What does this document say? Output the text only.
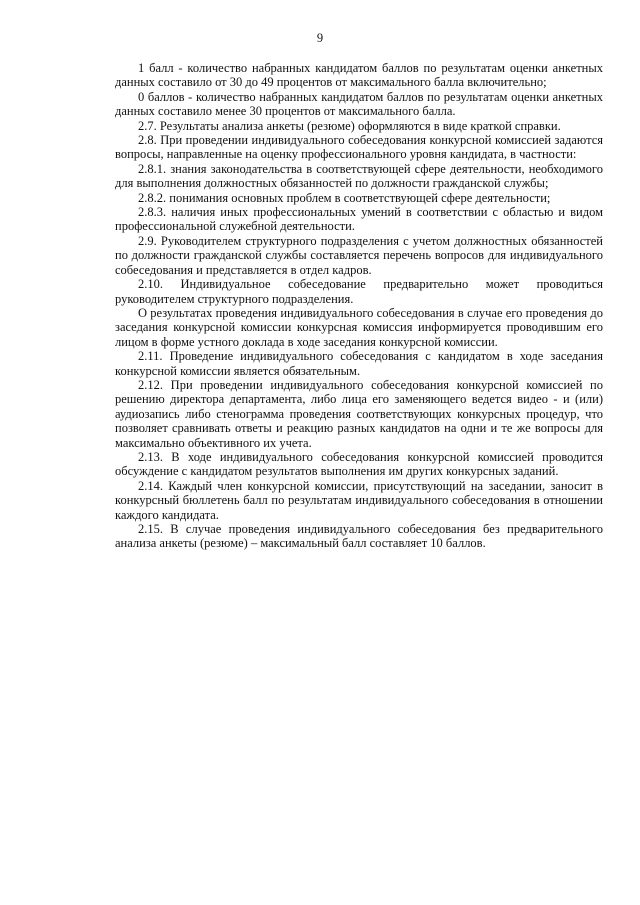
9

1 балл - количество набранных кандидатом баллов по результатам оценки анкетных данных составило от 30 до 49 процентов от максимального балла включительно;

0 баллов - количество набранных кандидатом баллов по результатам оценки анкетных данных составило менее 30 процентов от максимального балла.

2.7. Результаты анализа анкеты (резюме) оформляются в виде краткой справки.

2.8. При проведении индивидуального собеседования конкурсной комиссией задаются вопросы, направленные на оценку профессионального уровня кандидата, в частности:

2.8.1. знания законодательства в соответствующей сфере деятельности, необходимого для выполнения должностных обязанностей по должности гражданской службы;

2.8.2. понимания основных проблем в соответствующей сфере деятельности;

2.8.3. наличия иных профессиональных умений в соответствии с областью и видом профессиональной служебной деятельности.

2.9. Руководителем структурного подразделения с учетом должностных обязанностей по должности гражданской службы составляется перечень вопросов для индивидуального собеседования и представляется в отдел кадров.

2.10. Индивидуальное собеседование предварительно может проводиться руководителем структурного подразделения.

О результатах проведения индивидуального собеседования в случае его проведения до заседания конкурсной комиссии конкурсная комиссия информируется проводившим его лицом в форме устного доклада в ходе заседания конкурсной комиссии.

2.11. Проведение индивидуального собеседования с кандидатом в ходе заседания конкурсной комиссии является обязательным.

2.12. При проведении индивидуального собеседования конкурсной комиссией по решению директора департамента, либо лица его заменяющего ведется видео - и (или) аудиозапись либо стенограмма проведения соответствующих конкурсных процедур, что позволяет сравнивать ответы и реакцию разных кандидатов на одни и те же вопросы для максимально объективного их учета.

2.13. В ходе индивидуального собеседования конкурсной комиссией проводится обсуждение с кандидатом результатов выполнения им других конкурсных заданий.

2.14. Каждый член конкурсной комиссии, присутствующий на заседании, заносит в конкурсный бюллетень балл по результатам индивидуального собеседования в отношении каждого кандидата.

2.15. В случае проведения индивидуального собеседования без предварительного анализа анкеты (резюме) – максимальный балл составляет 10 баллов.
